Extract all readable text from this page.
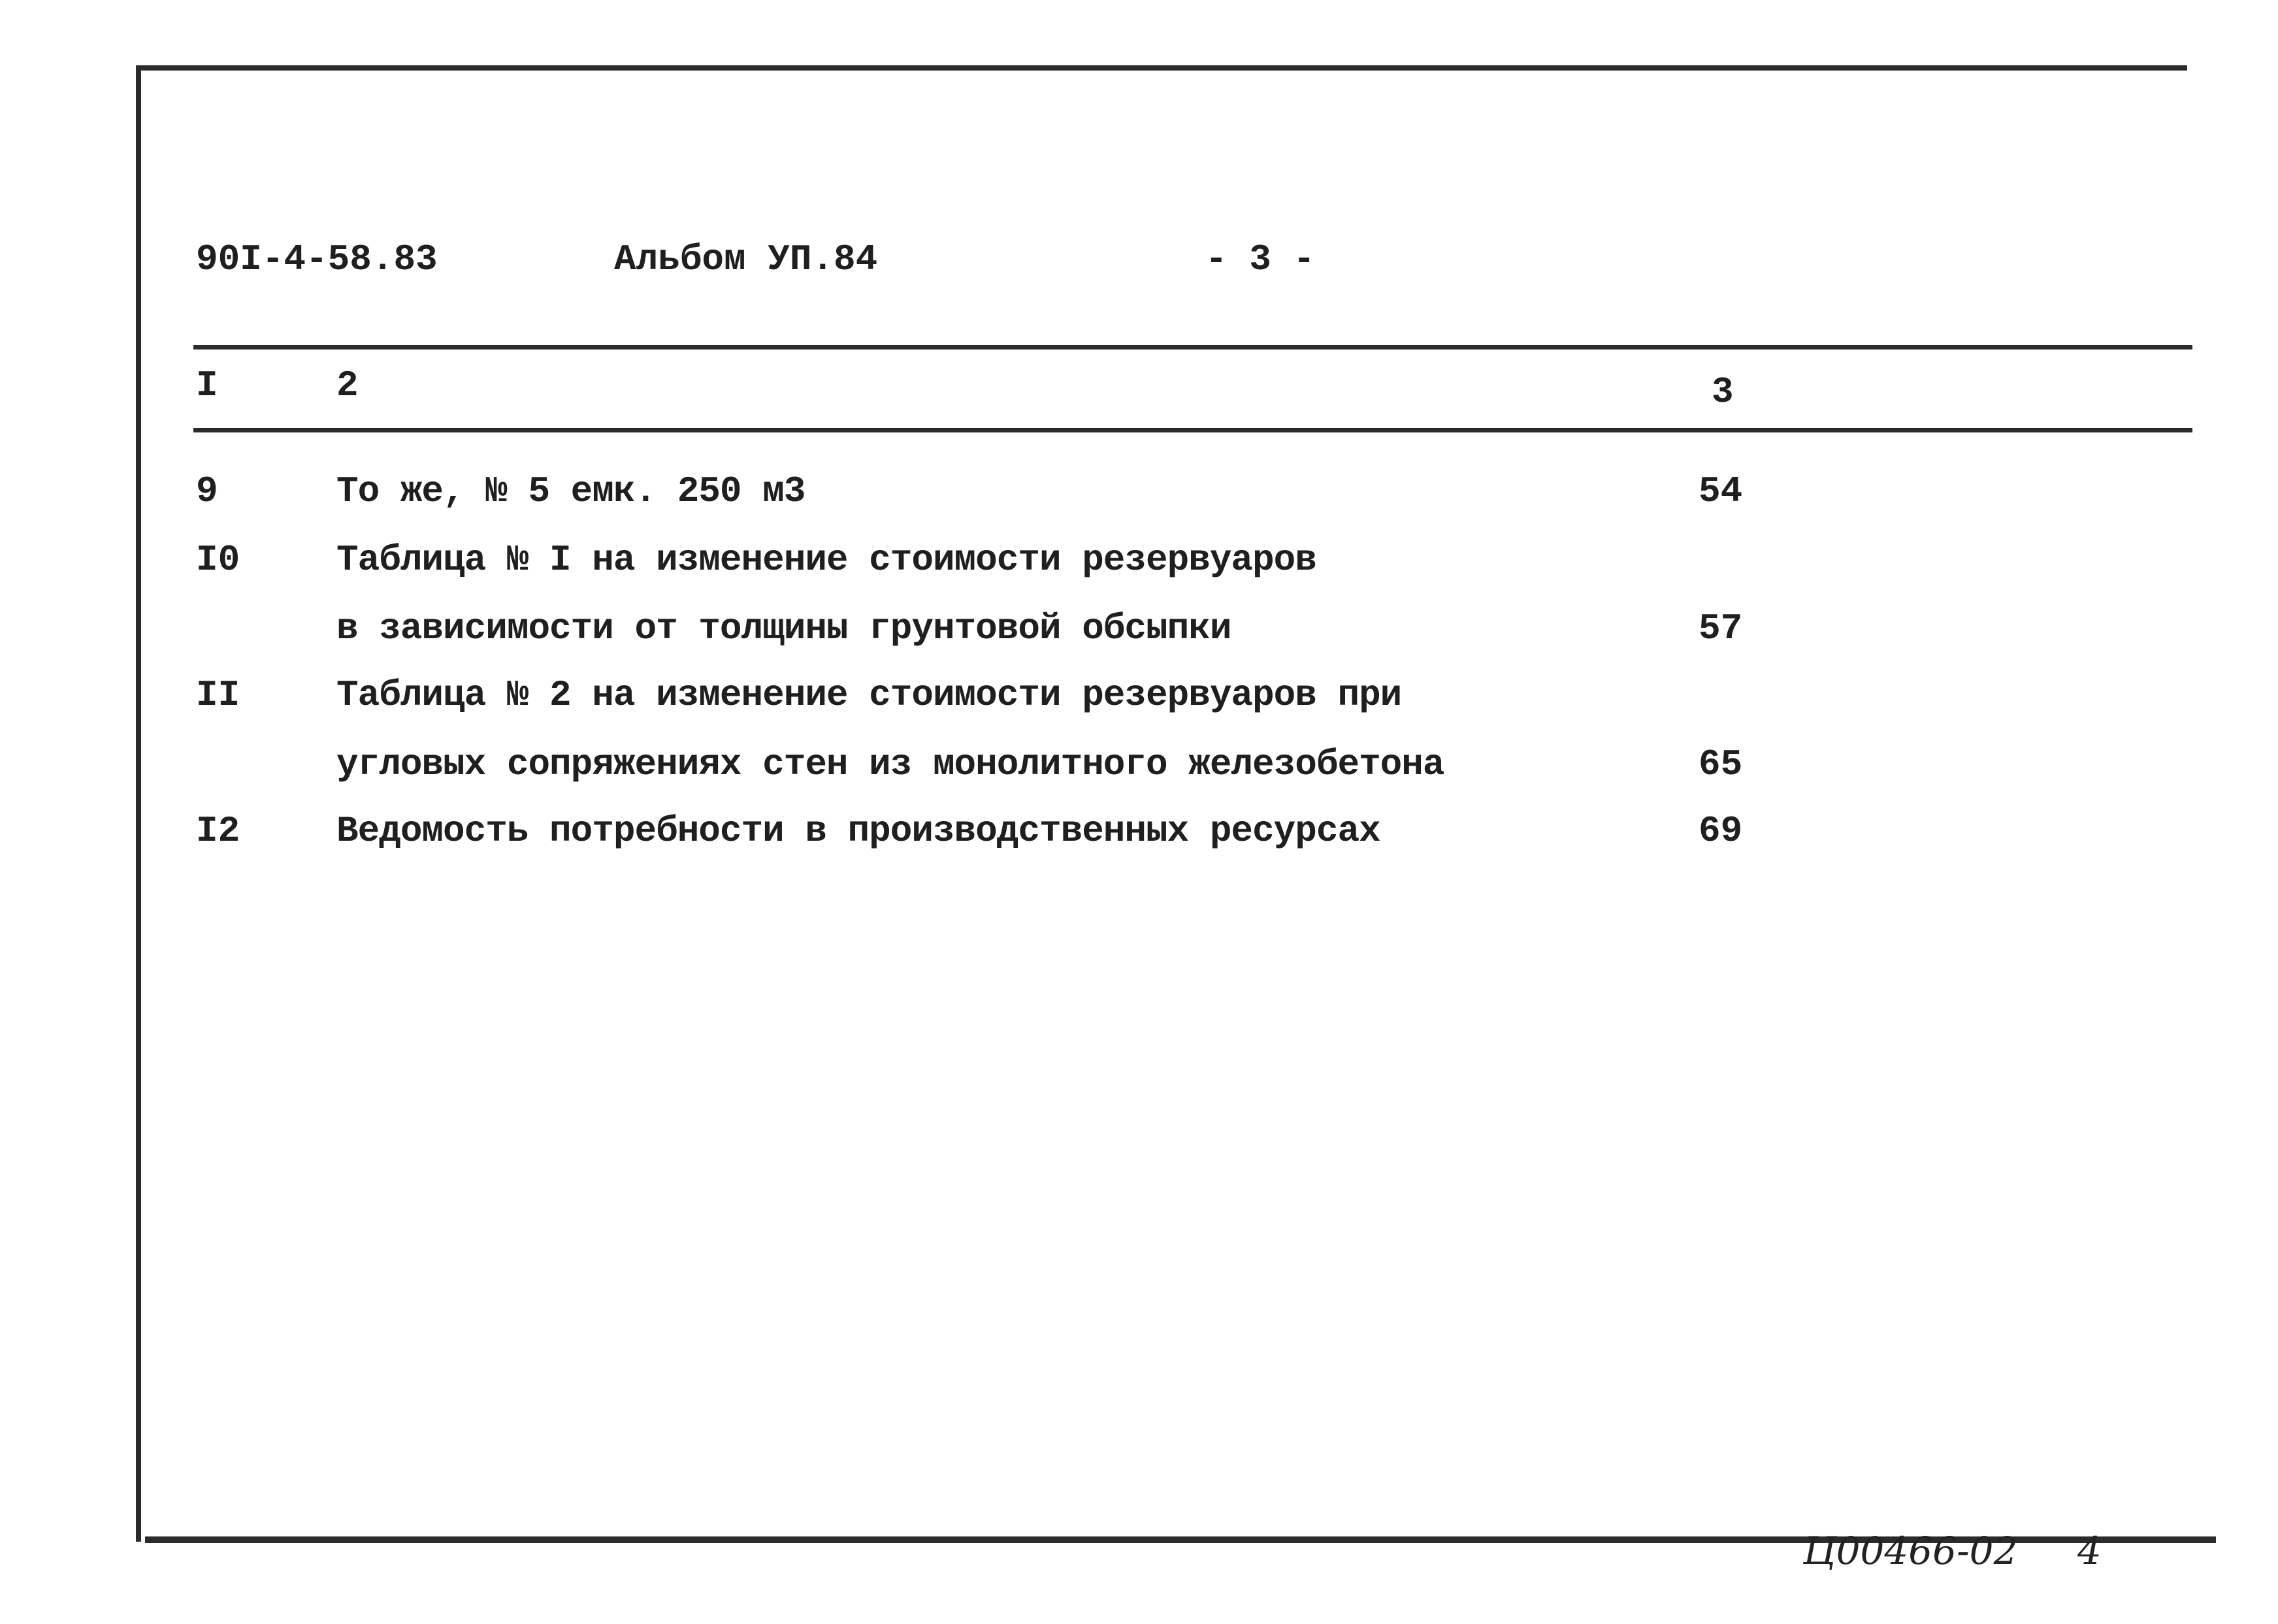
90I-4-58.83	Альбом УП.84	- 3 -
I	2	3
9	То же, № 5 емк. 250 м3	54
I0	Таблица № I на изменение стоимости резервуаров
в зависимости от толщины грунтовой обсыпки	57
II	Таблица № 2 на изменение стоимости резервуаров при
угловых сопряжениях стен из монолитного железобетона	65
I2	Ведомость потребности в производственных ресурсах	69
Ц00466-02 4
